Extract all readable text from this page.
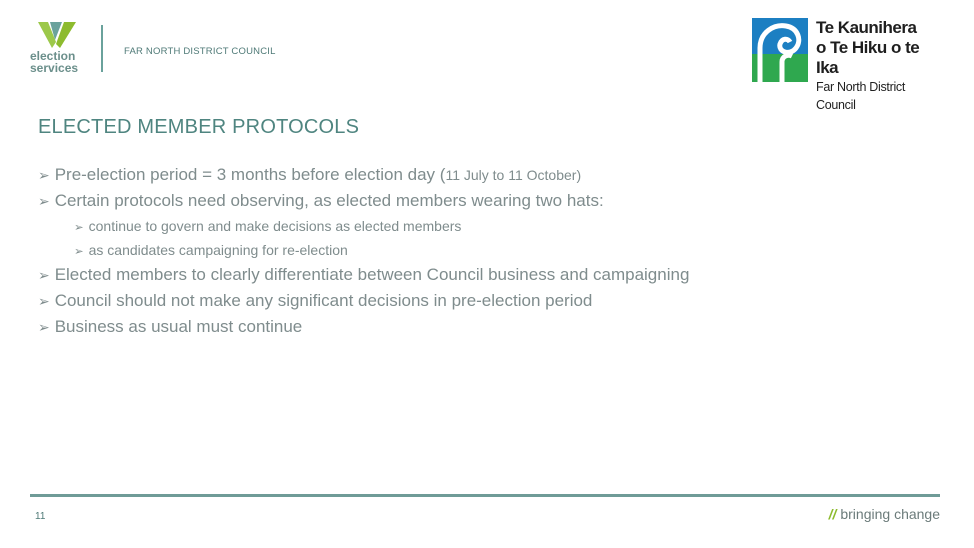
election
services
FAR NORTH DISTRICT COUNCIL
Te Kaunihera
o Te Hiku o te Ika
Far North District Council
ELECTED MEMBER PROTOCOLS
➢ Pre-election period = 3 months before election day ( 11 July to 11 October)
➢ Certain protocols need observing, as elected members wearing two hats:
➢ continue to govern and make decisions as elected members
➢ as candidates campaigning for re-election
➢ Elected members to clearly differentiate between Council business and campaigning
➢ Council should not make any significant decisions in pre-election period
➢ Business as usual must continue
11	// bringing change
